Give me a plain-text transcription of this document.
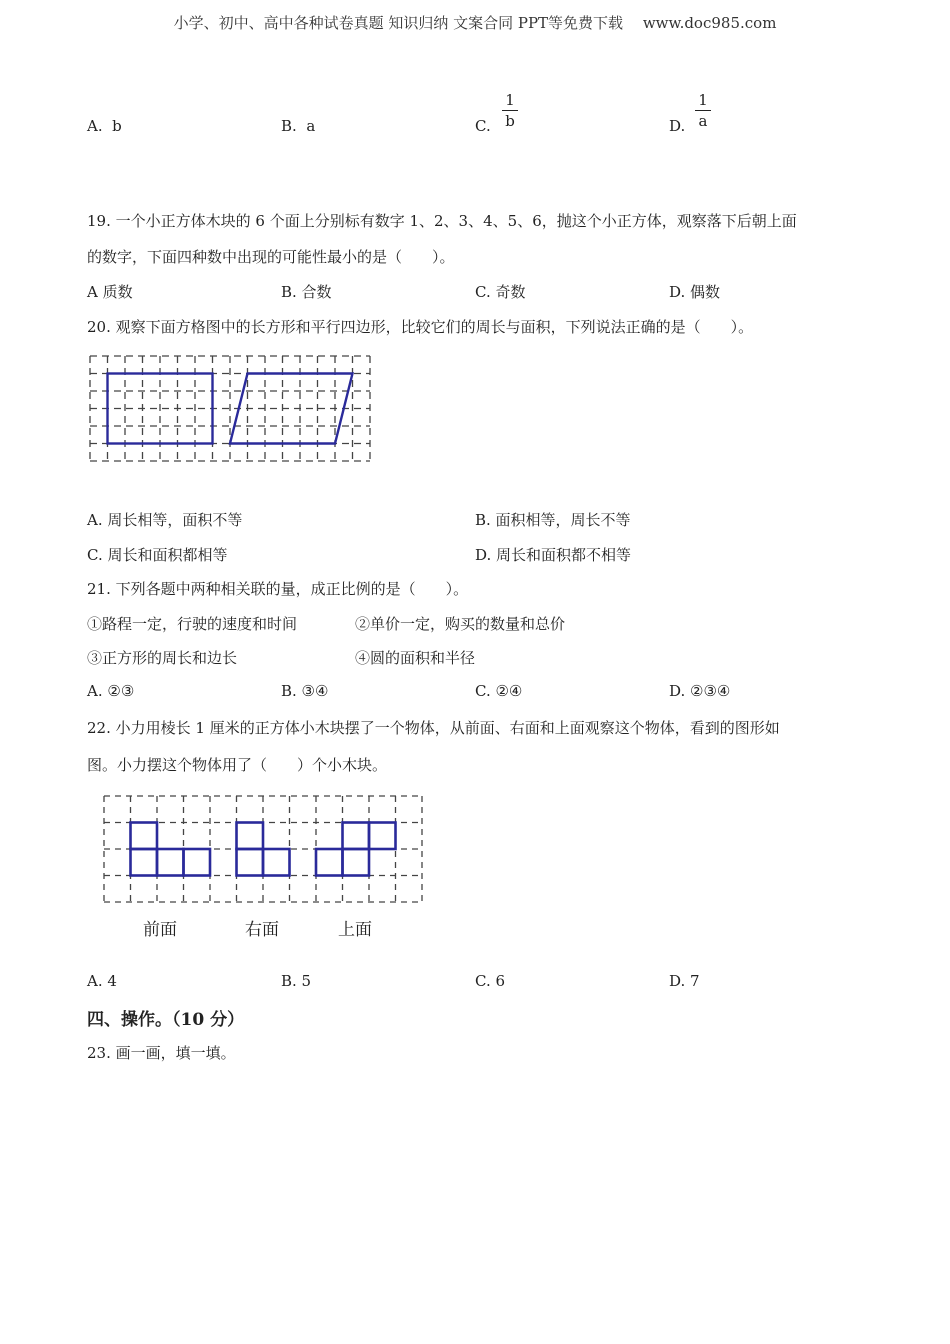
小学、初中、高中各种试卷真题 知识归纳 文案合同 PPT等免费下载　 www.doc985.com
A. b	B. a	C.
1
b	D.
1
a
19. 一个小正方体木块的 6 个面上分别标有数字 1、2、3、4、5、6，抛这个小正方体，观察落下后朝上面
的数字，下面四种数中出现的可能性最小的是（　　）。
A 质数	B. 合数	C. 奇数	D. 偶数
20. 观察下面方格图中的长方形和平行四边形，比较它们的周长与面积，下列说法正确的是（　　）。
A. 周长相等，面积不等	B. 面积相等，周长不等
C. 周长和面积都相等	D. 周长和面积都不相等
21. 下列各题中两种相关联的量，成正比例的是（　　）。
①路程一定，行驶的速度和时间	②单价一定，购买的数量和总价
③正方形的周长和边长	④圆的面积和半径
A. ②③	B. ③④	C. ②④	D. ②③④
22. 小力用棱长 1 厘米的正方体小木块摆了一个物体，从前面、右面和上面观察这个物体，看到的图形如
图。小力摆这个物体用了（　　）个小木块。
前面	右面	上面
A. 4	B. 5	C. 6	D. 7
四、操作。（10 分）
23. 画一画，填一填。
